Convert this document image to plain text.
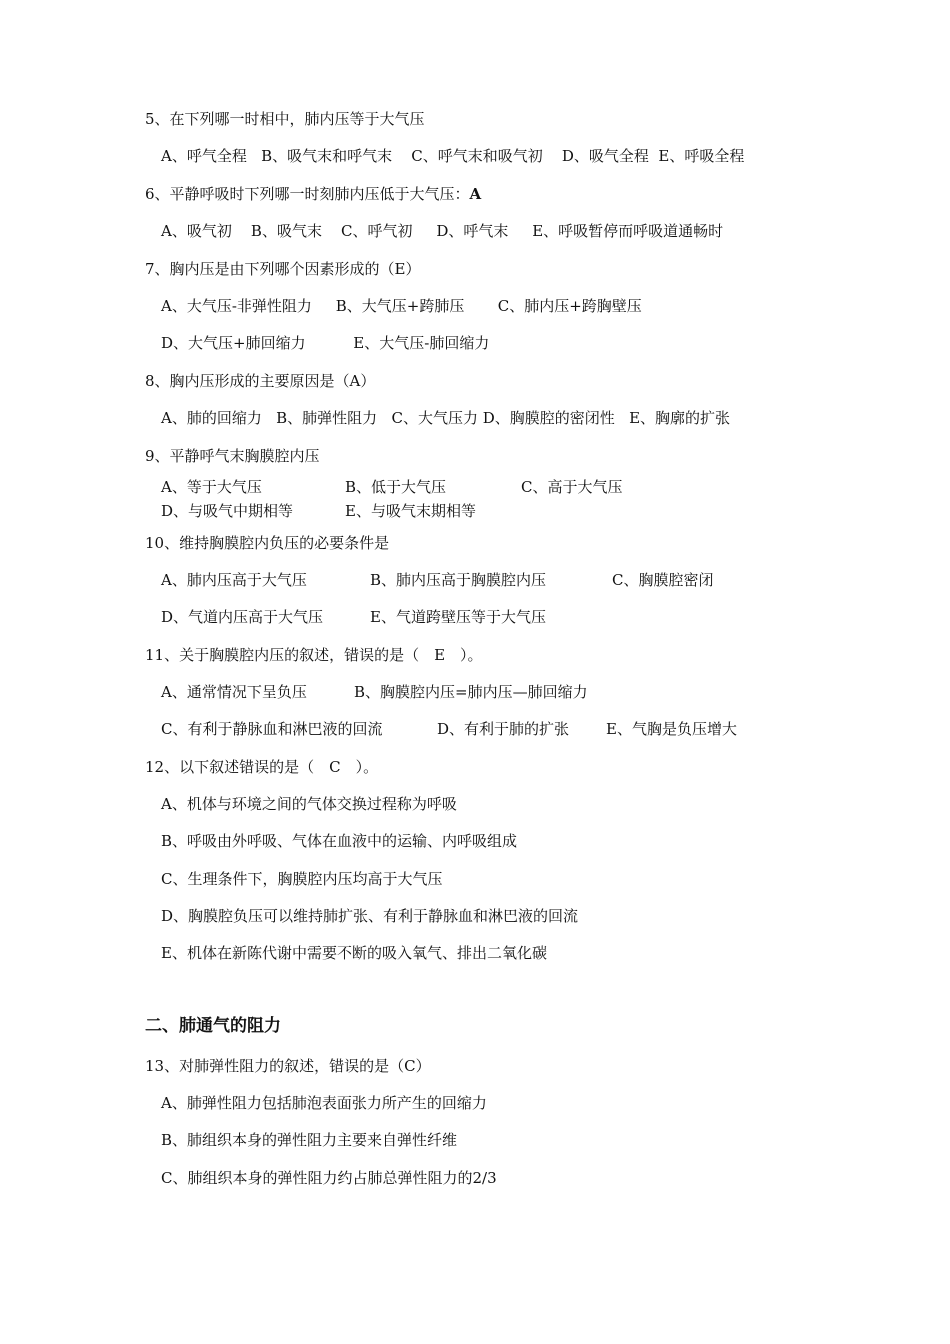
5、在下列哪一时相中，肺内压等于大气压
A、呼气全程 B、吸气末和呼气末 C、呼气末和吸气初 D、吸气全程 E、呼吸全程
6、平静呼吸时下列哪一时刻肺内压低于大气压：A
A、吸气初 B、吸气末 C、呼气初 D、呼气末 E、呼吸暂停而呼吸道通畅时
7、胸内压是由下列哪个因素形成的（E）
A、大气压-非弹性阻力 B、大气压+跨肺压 C、肺内压+跨胸壁压
D、大气压+肺回缩力	E、大气压-肺回缩力
8、胸内压形成的主要原因是（A）
A、肺的回缩力 B、肺弹性阻力 C、大气压力 D、胸膜腔的密闭性 E、胸廓的扩张
9、平静呼气末胸膜腔内压
A、等于大气压	B、低于大气压	C、高于大气压
D、与吸气中期相等	E、与吸气末期相等
10、维持胸膜腔内负压的必要条件是
A、肺内压高于大气压	B、肺内压高于胸膜腔内压	C、胸膜腔密闭
D、气道内压高于大气压	E、气道跨壁压等于大气压
11、关于胸膜腔内压的叙述，错误的是（　E　）。
A、通常情况下呈负压	B、胸膜腔内压=肺内压—肺回缩力
C、有利于静脉血和淋巴液的回流	D、有利于肺的扩张 E、气胸是负压增大
12、以下叙述错误的是（　C　）。
A、机体与环境之间的气体交换过程称为呼吸
B、呼吸由外呼吸、气体在血液中的运输、内呼吸组成
C、生理条件下，胸膜腔内压均高于大气压
D、胸膜腔负压可以维持肺扩张、有利于静脉血和淋巴液的回流
E、机体在新陈代谢中需要不断的吸入氧气、排出二氧化碳
二、肺通气的阻力
13、对肺弹性阻力的叙述，错误的是（C）
A、肺弹性阻力包括肺泡表面张力所产生的回缩力
B、肺组织本身的弹性阻力主要来自弹性纤维
C、肺组织本身的弹性阻力约占肺总弹性阻力的2/3
